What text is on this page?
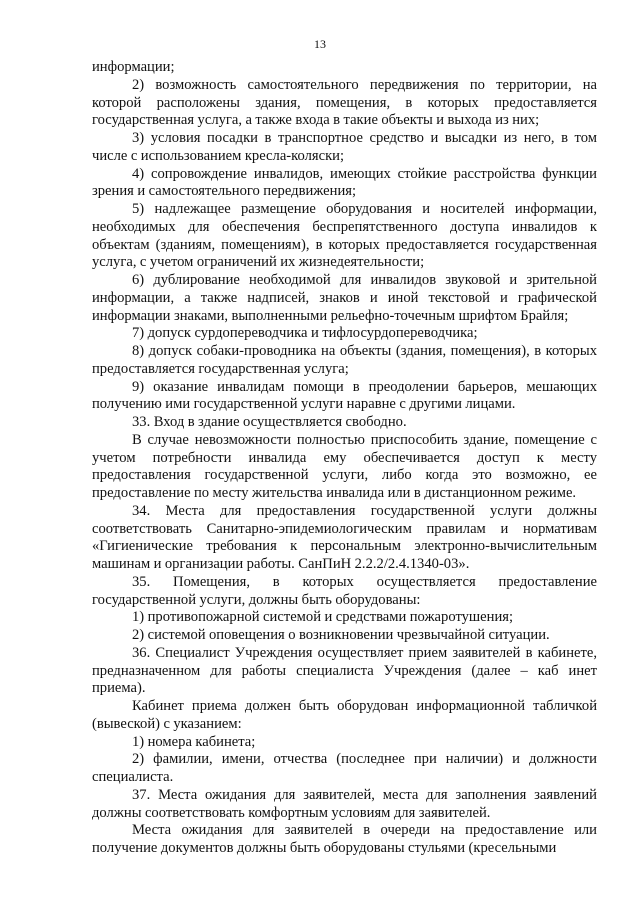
13

информации;

2) возможность самостоятельного передвижения по территории, на которой расположены здания, помещения, в которых предоставляется государственная услуга, а также входа в такие объекты и выхода из них;

3) условия посадки в транспортное средство и высадки из него, в том числе с использованием кресла-коляски;

4) сопровождение инвалидов, имеющих стойкие расстройства функции зрения и самостоятельного передвижения;

5) надлежащее размещение оборудования и носителей информации, необходимых для обеспечения беспрепятственного доступа инвалидов к объектам (зданиям, помещениям), в которых предоставляется государственная услуга, с учетом ограничений их жизнедеятельности;

6) дублирование необходимой для инвалидов звуковой и зрительной информации, а также надписей, знаков и иной текстовой и графической информации знаками, выполненными рельефно-точечным шрифтом Брайля;

7) допуск сурдопереводчика и тифлосурдопереводчика;

8) допуск собаки-проводника на объекты (здания, помещения), в которых предоставляется государственная услуга;

9) оказание инвалидам помощи в преодолении барьеров, мешающих получению ими государственной услуги наравне с другими лицами.

33. Вход в здание осуществляется свободно.

В случае невозможности полностью приспособить здание, помещение с учетом потребности инвалида ему обеспечивается доступ к месту предоставления государственной услуги, либо когда это возможно, ее предоставление по месту жительства инвалида или в дистанционном режиме.

34. Места для предоставления государственной услуги должны соответствовать Санитарно-эпидемиологическим правилам и нормативам «Гигиенические требования к персональным электронно-вычислительным машинам и организации работы. СанПиН 2.2.2/2.4.1340-03».

35. Помещения, в которых осуществляется предоставление государственной услуги, должны быть оборудованы:

1) противопожарной системой и средствами пожаротушения;

2) системой оповещения о возникновении чрезвычайной ситуации.

36. Специалист Учреждения осуществляет прием заявителей в кабинете, предназначенном для работы специалиста Учреждения (далее – каб инет приема).

Кабинет приема должен быть оборудован информационной табличкой (вывеской) с указанием:

1) номера кабинета;

2) фамилии, имени, отчества (последнее при наличии) и должности специалиста.

37. Места ожидания для заявителей, места для заполнения заявлений должны соответствовать комфортным условиям для заявителей.

Места ожидания для заявителей в очереди на предоставление или получение документов должны быть оборудованы стульями (кресельными
